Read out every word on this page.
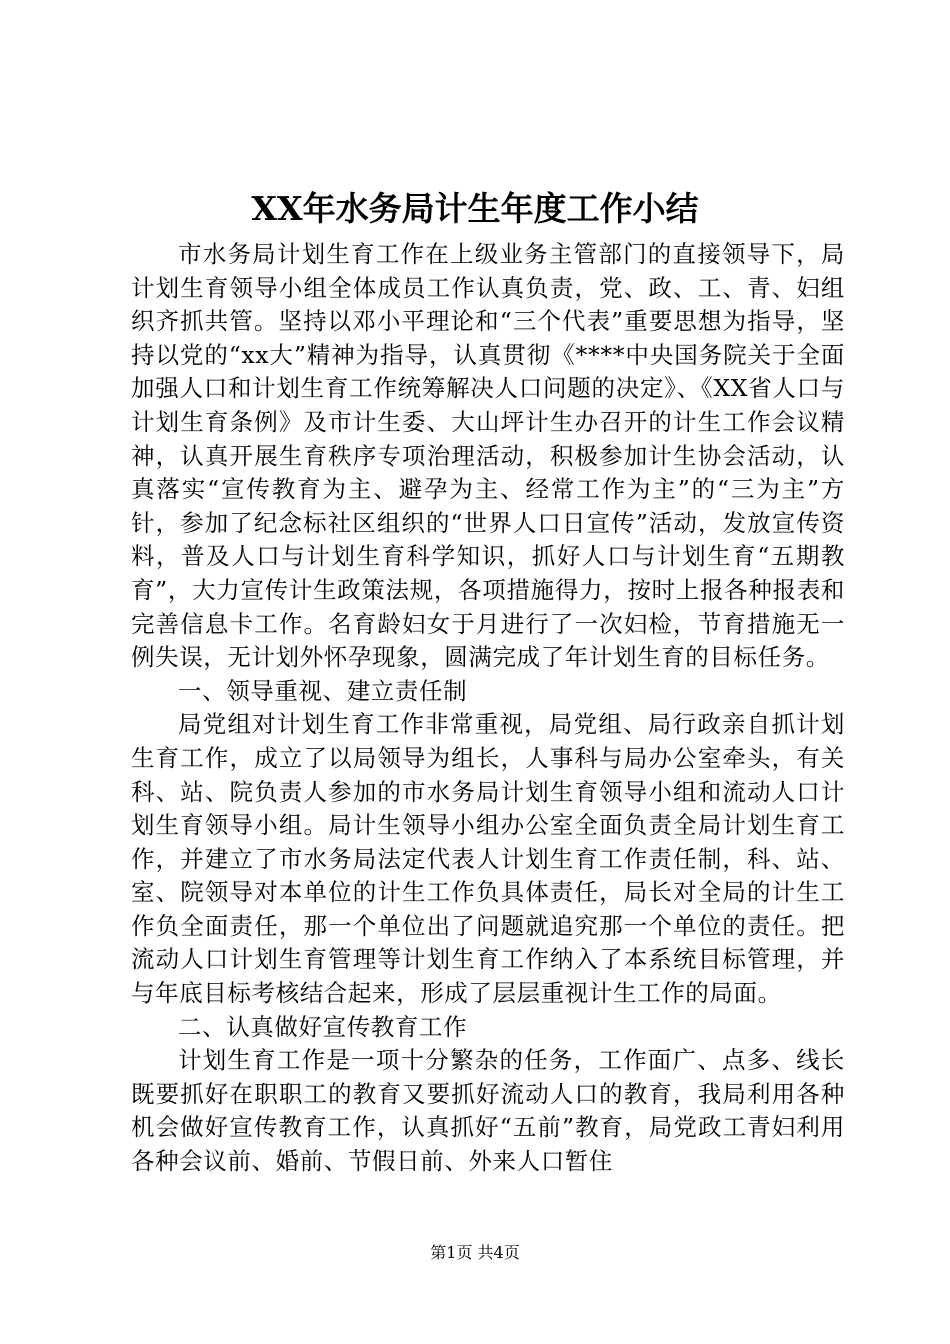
XX年水务局计生年度工作小结

市水务局计划生育工作在上级业务主管部门的直接领导下，局计划生育领导小组全体成员工作认真负责，党、政、工、青、妇组织齐抓共管。坚持以邓小平理论和“三个代表”重要思想为指导，坚持以党的“xx大”精神为指导，认真贯彻《****中央国务院关于全面加强人口和计划生育工作统筹解决人口问题的决定》、《XX省人口与计划生育条例》及市计生委、大山坪计生办召开的计生工作会议精神，认真开展生育秩序专项治理活动，积极参加计生协会活动，认真落实“宣传教育为主、避孕为主、经常工作为主”的“三为主”方针，参加了纪念标社区组织的“世界人口日宣传”活动，发放宣传资料，普及人口与计划生育科学知识，抓好人口与计划生育“五期教育”，大力宣传计生政策法规，各项措施得力，按时上报各种报表和完善信息卡工作。名育龄妇女于月进行了一次妇检，节育措施无一例失误，无计划外怀孕现象，圆满完成了年计划生育的目标任务。

一、领导重视、建立责任制

局党组对计划生育工作非常重视，局党组、局行政亲自抓计划生育工作，成立了以局领导为组长，人事科与局办公室牵头，有关科、站、院负责人参加的市水务局计划生育领导小组和流动人口计划生育领导小组。局计生领导小组办公室全面负责全局计划生育工作，并建立了市水务局法定代表人计划生育工作责任制，科、站、室、院领导对本单位的计生工作负具体责任，局长对全局的计生工作负全面责任，那一个单位出了问题就追究那一个单位的责任。把流动人口计划生育管理等计划生育工作纳入了本系统目标管理，并与年底目标考核结合起来，形成了层层重视计生工作的局面。

二、认真做好宣传教育工作

计划生育工作是一项十分繁杂的任务，工作面广、点多、线长既要抓好在职职工的教育又要抓好流动人口的教育，我局利用各种机会做好宣传教育工作，认真抓好“五前”教育，局党政工青妇利用各种会议前、婚前、节假日前、外来人口暂住

第1页 共4页
